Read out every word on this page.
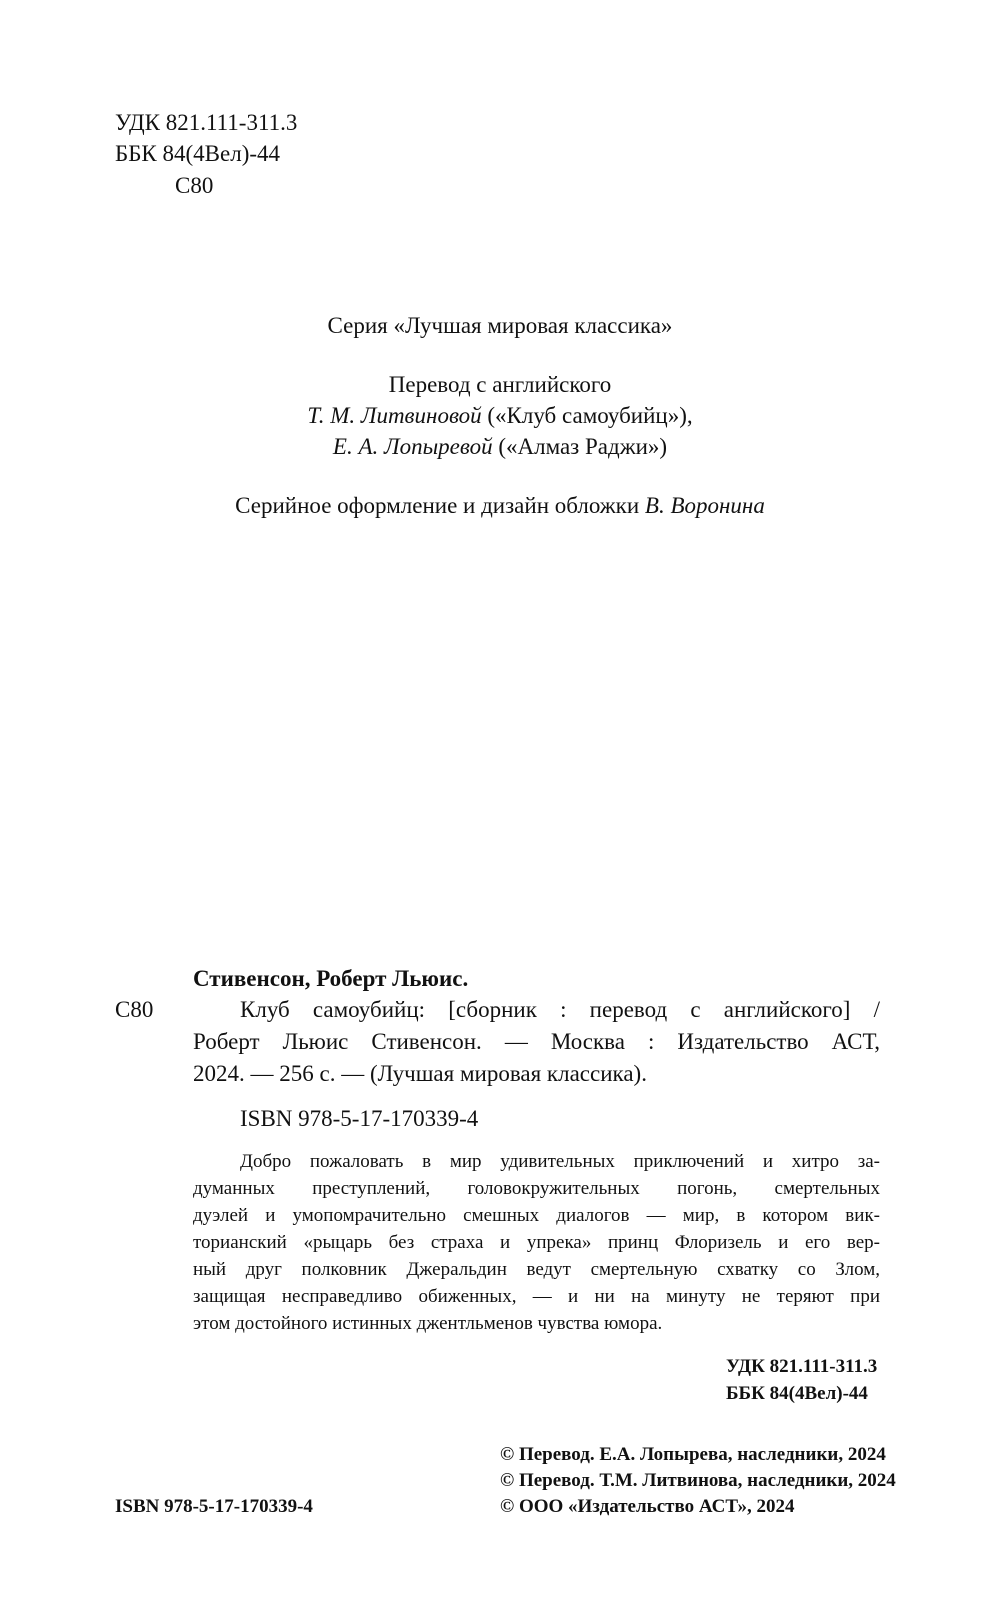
УДК 821.111-311.3
ББК 84(4Вел)-44
С80
Серия «Лучшая мировая классика»
Перевод с английского
Т. М. Литвиновой («Клуб самоубийц»),
Е. А. Лопыревой («Алмаз Раджи»)
Серийное оформление и дизайн обложки В. Воронина
Стивенсон, Роберт Льюис.
С80	Клуб самоубийц: [сборник : перевод с английского] /
Роберт Льюис Стивенсон. — Москва : Издательство АСТ,
2024. — 256 с. — (Лучшая мировая классика).
ISBN 978-5-17-170339-4
Добро пожаловать в мир удивительных приключений и хитро за-
думанных преступлений, головокружительных погонь, смертельных
дуэлей и умопомрачительно смешных диалогов — мир, в котором вик-
торианский «рыцарь без страха и упрека» принц Флоризель и его вер-
ный друг полковник Джеральдин ведут смертельную схватку со Злом,
защищая несправедливо обиженных, — и ни на минуту не теряют при
этом достойного истинных джентльменов чувства юмора.
УДК 821.111-311.3
ББК 84(4Вел)-44
ISBN 978-5-17-170339-4
© Перевод. Е.А. Лопырева, наследники, 2024
© Перевод. Т.М. Литвинова, наследники, 2024
© ООО «Издательство АСТ», 2024
